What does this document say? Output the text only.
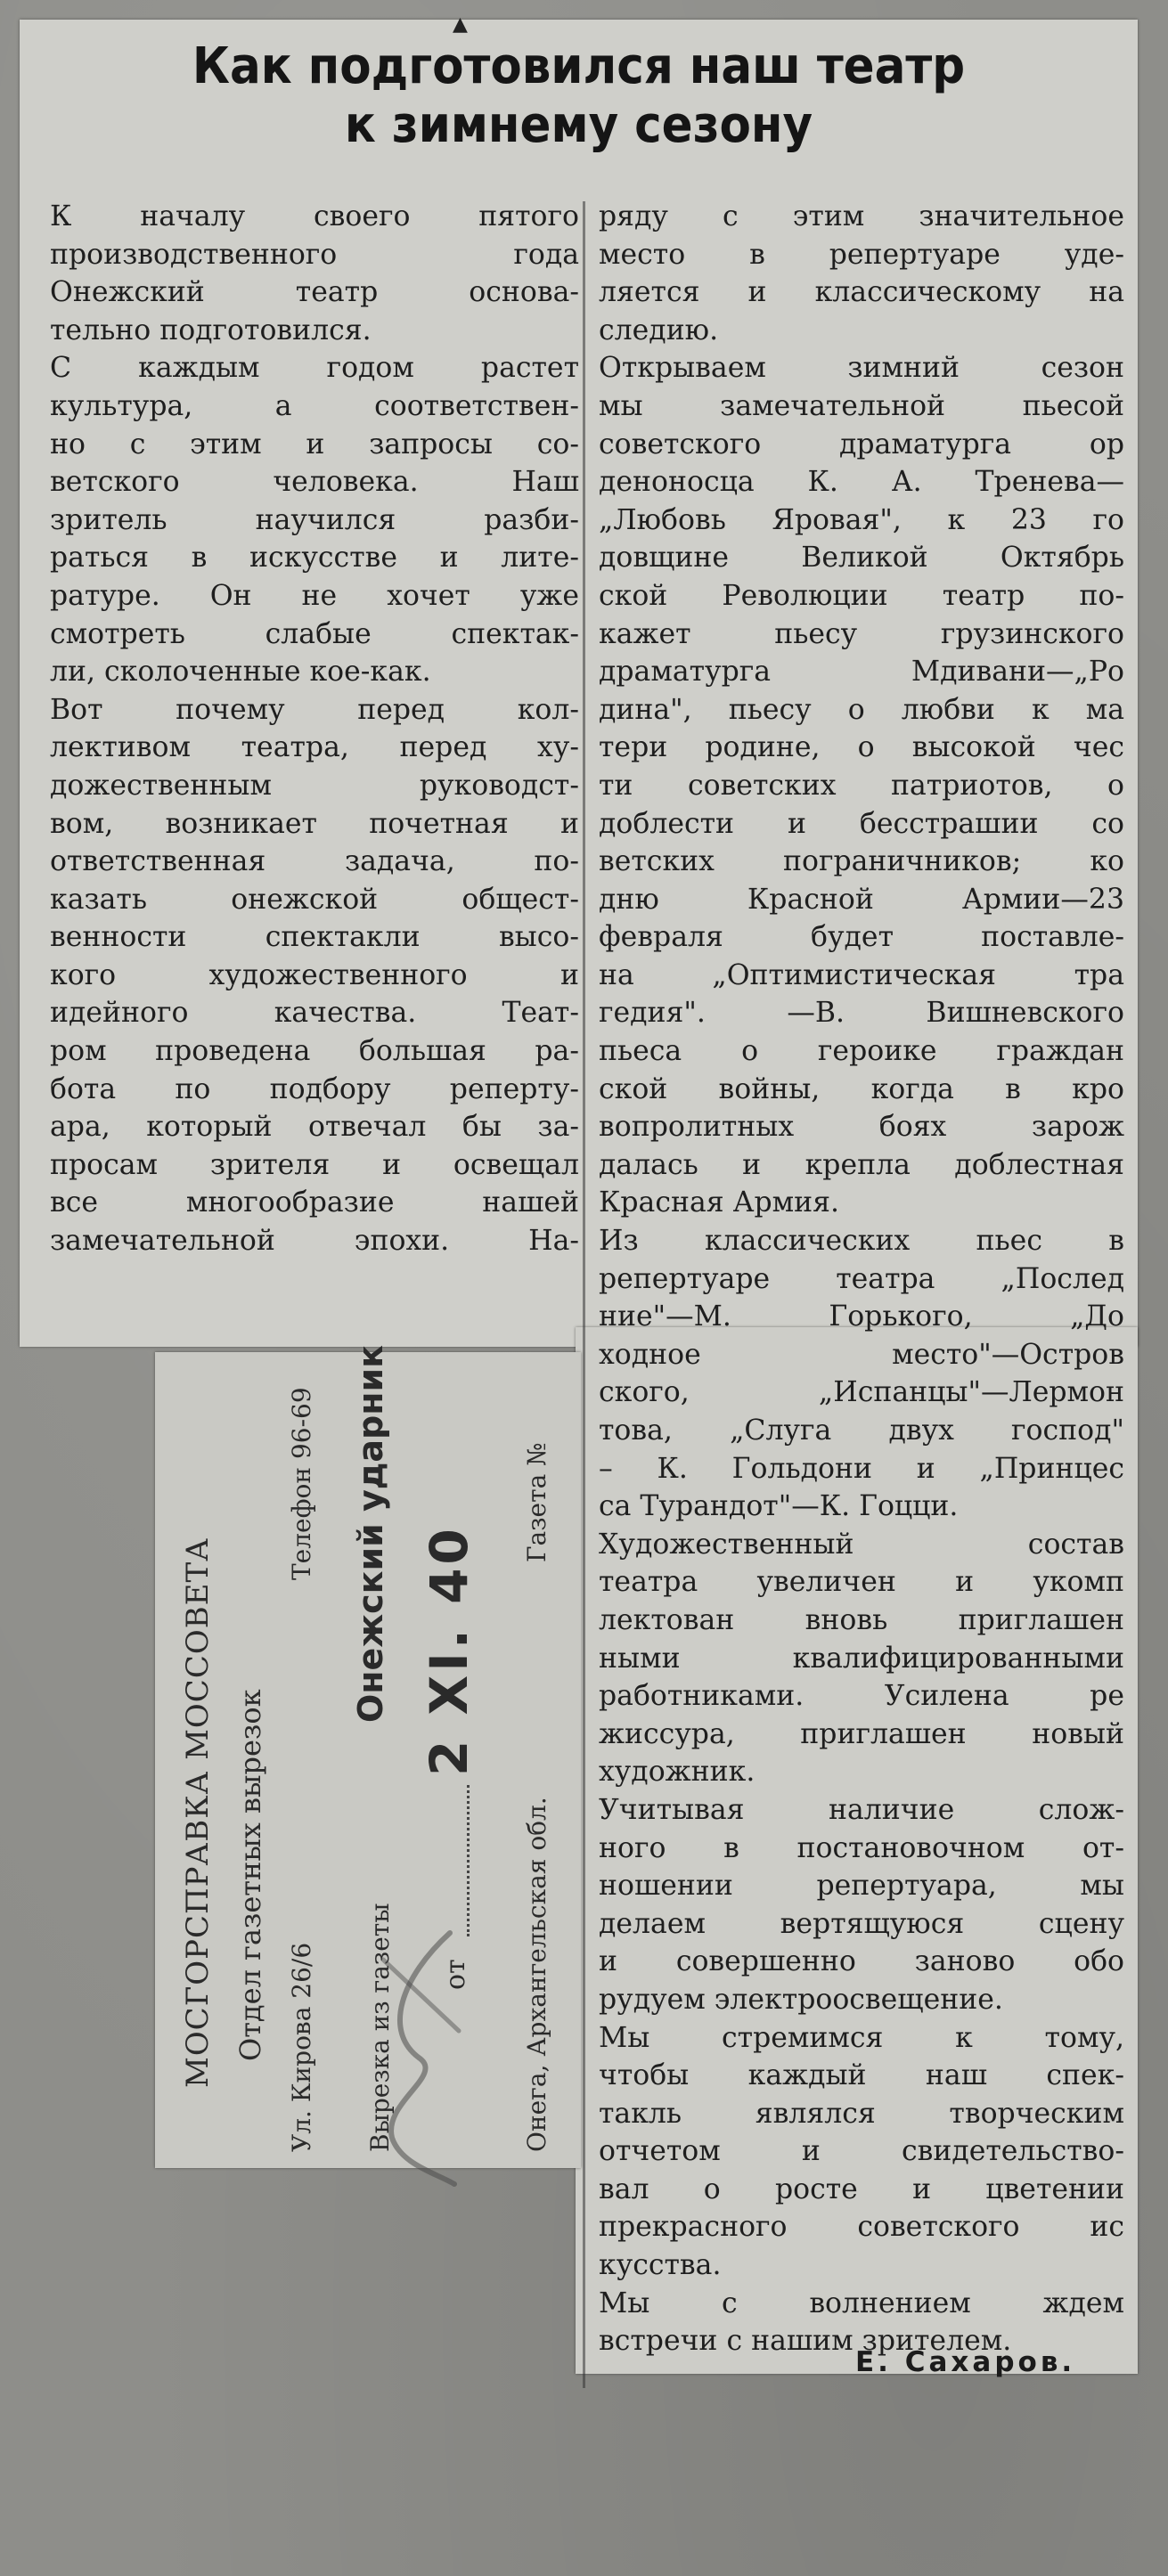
▲
Как подготовился наш театр
к зимнему сезону
К началу своего пятого
производственного года
Онежский театр основа-
тельно подготовился.
С каждым годом растет
культура, а соответствен-
но с этим и запросы со-
ветского человека. Наш
зритель научился разби-
раться в искусстве и лите-
ратуре. Он не хочет уже
смотреть слабые спектак-
ли, сколоченные кое-как.
Вот почему перед кол-
лективом театра, перед ху-
дожественным руководст-
вом, возникает почетная и
ответственная задача, по-
казать онежской общест-
венности спектакли высо-
кого художественного и
идейного качества. Теат-
ром проведена большая ра-
бота по подбору реперту-
ара, который отвечал бы за-
просам зрителя и освещал
все многообразие нашей
замечательной эпохи. На-
ряду с этим значительное
место в репертуаре уде-
ляется и классическому на
следию.
Открываем зимний сезон
мы замечательной пьесой
советского драматурга ор
деноносца К. А. Тренева—
„Любовь Яровая", к 23 го
довщине Великой Октябрь
ской Революции театр по-
кажет пьесу грузинского
драматурга Мдивани—„Ро
дина", пьесу о любви к ма
тери родине, о высокой чес
ти советских патриотов, о
доблести и бесстрашии со
ветских пограничников; ко
дню Красной Армии—23
февраля будет поставле-
на „Оптимистическая тра
гедия". —В. Вишневского
пьеса о героике граждан
ской войны, когда в кро
вопролитных боях зарож
далась и крепла доблестная
Красная Армия.
Из классических пьес в
репертуаре театра „Послед
ние"—М. Горького, „До
ходное место"—Остров
ского, „Испанцы"—Лермон
това, „Слуга двух господ"
– К. Гольдони и „Принцес
са Турандот"—К. Гоцци.
Художественный состав
театра увеличен и укомп
лектован вновь приглашен
ными квалифицированными
работниками. Усилена ре
жиссура, приглашен новый
художник.
Учитывая наличие слож-
ного в постановочном от-
ношении репертуара, мы
делаем вертящуюся сцену
и совершенно заново обо
рудуем электроосвещение.
Мы стремимся к тому,
чтобы каждый наш спек-
такль являлся творческим
отчетом и свидетельство-
вал о росте и цветении
прекрасного советского ис
кусства.
Мы с волнением ждем
встречи с нашим зрителем.
МОСГОРСПРАВКА МОССОВЕТА Отдел газетных вырезок Ул. Кирова 26/6
Телефон 96-69
Вырезка из газеты
Онежский ударник
от
2 ХІ. 40
Онега, Архангельская обл.
Газета №
Е. Сахаров.
